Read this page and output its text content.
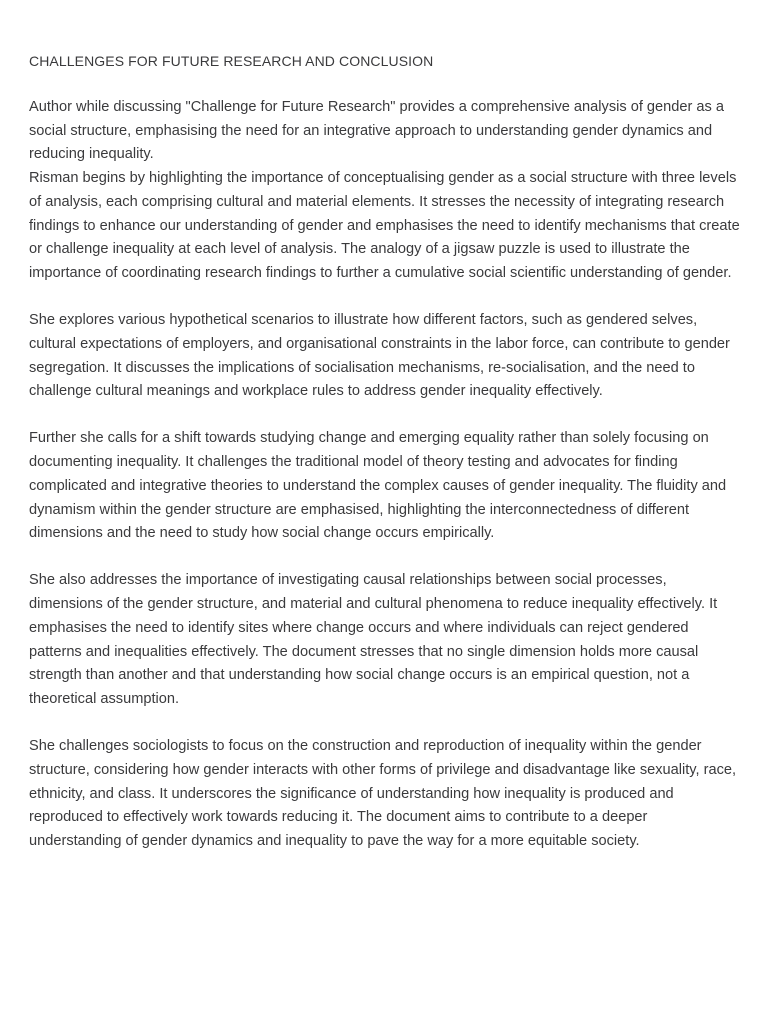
CHALLENGES FOR FUTURE RESEARCH AND CONCLUSION

Author while discussing "Challenge for Future Research" provides a comprehensive analysis of gender as a social structure, emphasising the need for an integrative approach to understanding gender dynamics and reducing inequality.

Risman begins by highlighting the importance of conceptualising gender as a social structure with three levels of analysis, each comprising cultural and material elements. It stresses the necessity of integrating research findings to enhance our understanding of gender and emphasises the need to identify mechanisms that create or challenge inequality at each level of analysis. The analogy of a jigsaw puzzle is used to illustrate the importance of coordinating research findings to further a cumulative social scientific understanding of gender.

She explores various hypothetical scenarios to illustrate how different factors, such as gendered selves, cultural expectations of employers, and organisational constraints in the labor force, can contribute to gender segregation. It discusses the implications of socialisation mechanisms, re-socialisation, and the need to challenge cultural meanings and workplace rules to address gender inequality effectively.

Further she calls for a shift towards studying change and emerging equality rather than solely focusing on documenting inequality. It challenges the traditional model of theory testing and advocates for finding complicated and integrative theories to understand the complex causes of gender inequality. The fluidity and dynamism within the gender structure are emphasised, highlighting the interconnectedness of different dimensions and the need to study how social change occurs empirically.

She also addresses the importance of investigating causal relationships between social processes, dimensions of the gender structure, and material and cultural phenomena to reduce inequality effectively. It emphasises the need to identify sites where change occurs and where individuals can reject gendered patterns and inequalities effectively. The document stresses that no single dimension holds more causal strength than another and that understanding how social change occurs is an empirical question, not a theoretical assumption.

She challenges sociologists to focus on the construction and reproduction of inequality within the gender structure, considering how gender interacts with other forms of privilege and disadvantage like sexuality, race, ethnicity, and class. It underscores the significance of understanding how inequality is produced and reproduced to effectively work towards reducing it. The document aims to contribute to a deeper understanding of gender dynamics and inequality to pave the way for a more equitable society.
